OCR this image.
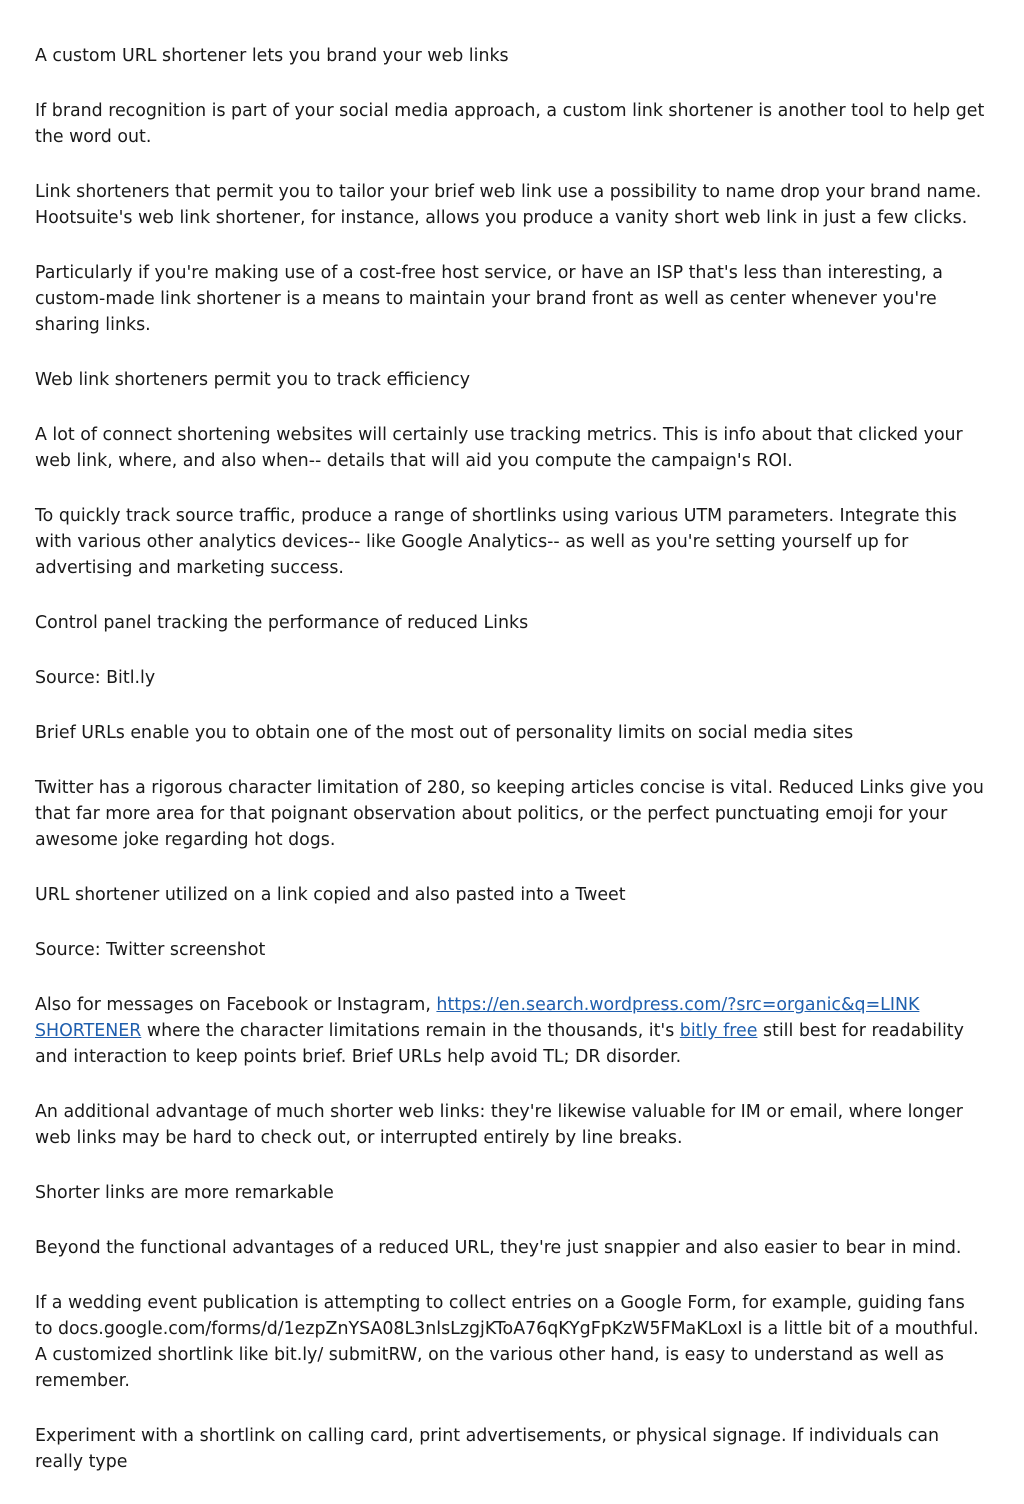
A custom URL shortener lets you brand your web links

If brand recognition is part of your social media approach, a custom link shortener is another tool to help get the word out.

Link shorteners that permit you to tailor your brief web link use a possibility to name drop your brand name. Hootsuite's web link shortener, for instance, allows you produce a vanity short web link in just a few clicks.

Particularly if you're making use of a cost-free host service, or have an ISP that's less than interesting, a custom-made link shortener is a means to maintain your brand front as well as center whenever you're sharing links.

Web link shorteners permit you to track efficiency

A lot of connect shortening websites will certainly use tracking metrics. This is info about that clicked your web link, where, and also when-- details that will aid you compute the campaign's ROI.

To quickly track source traffic, produce a range of shortlinks using various UTM parameters. Integrate this with various other analytics devices-- like Google Analytics-- as well as you're setting yourself up for advertising and marketing success.

Control panel tracking the performance of reduced Links

Source: Bitl.ly

Brief URLs enable you to obtain one of the most out of personality limits on social media sites

Twitter has a rigorous character limitation of 280, so keeping articles concise is vital. Reduced Links give you that far more area for that poignant observation about politics, or the perfect punctuating emoji for your awesome joke regarding hot dogs.

URL shortener utilized on a link copied and also pasted into a Tweet

Source: Twitter screenshot

Also for messages on Facebook or Instagram, https://en.search.wordpress.com/?src=organic&q=LINK SHORTENER where the character limitations remain in the thousands, it's bitly free still best for readability and interaction to keep points brief. Brief URLs help avoid TL; DR disorder.

An additional advantage of much shorter web links: they're likewise valuable for IM or email, where longer web links may be hard to check out, or interrupted entirely by line breaks.

Shorter links are more remarkable

Beyond the functional advantages of a reduced URL, they're just snappier and also easier to bear in mind.

If a wedding event publication is attempting to collect entries on a Google Form, for example, guiding fans to docs.google.com/forms/d/1ezpZnYSA08L3nlsLzgjKToA76qKYgFpKzW5FMaKLoxI is a little bit of a mouthful. A customized shortlink like bit.ly/ submitRW, on the various other hand, is easy to understand as well as remember.

Experiment with a shortlink on calling card, print advertisements, or physical signage. If individuals can really type
